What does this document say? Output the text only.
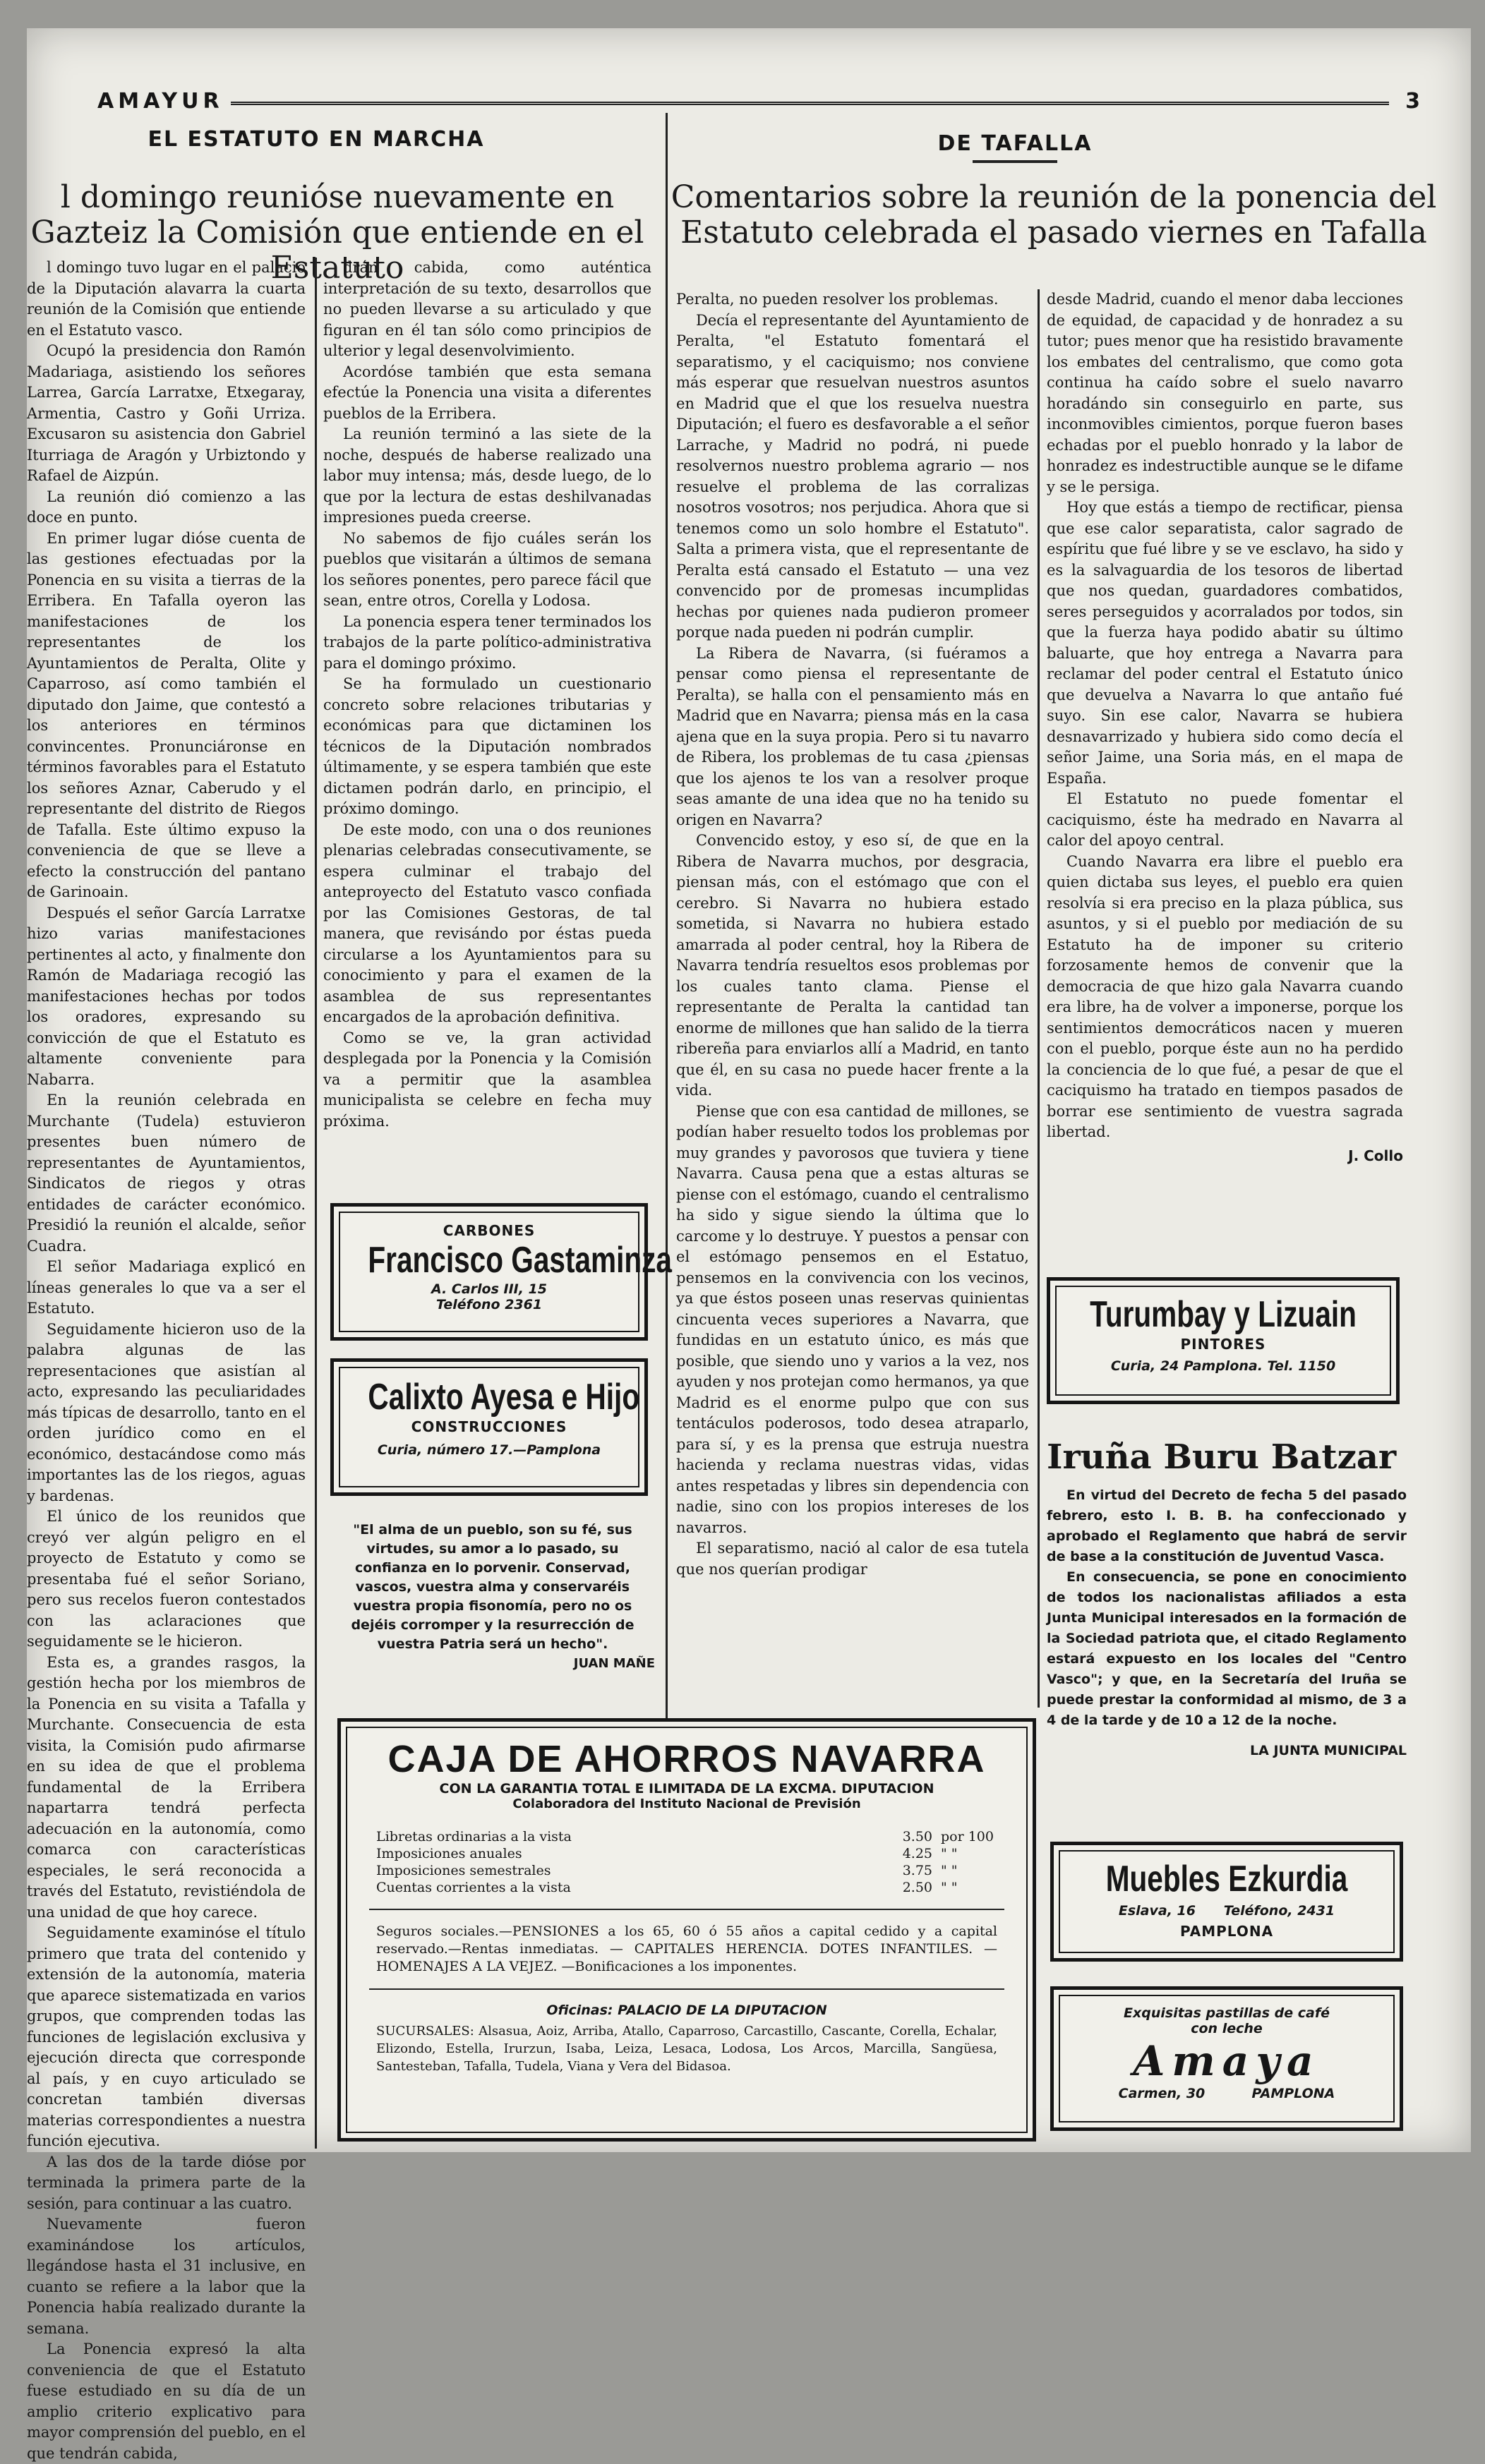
AMAYUR	3
EL ESTATUTO EN MARCHA	DE TAFALLA
l domingo reunióse nuevamente en Gazteiz la Comisión que entiende en el Estatuto

l domingo tuvo lugar en el palacio de la Diputación alavarra la cuarta reunión de la Comisión que entiende en el Estatuto vasco.

Ocupó la presidencia don Ramón Madariaga, asistiendo los señores Larrea, García Larratxe, Etxegaray, Armentia, Castro y Goñi Urriza. Excusaron su asistencia don Gabriel Iturriaga de Aragón y Urbiztondo y Rafael de Aizpún.

La reunión dió comienzo a las doce en punto.

En primer lugar dióse cuenta de las gestiones efectuadas por la Ponencia en su visita a tierras de la Erribera. En Tafalla oyeron las manifestaciones de los representantes de los Ayuntamientos de Peralta, Olite y Caparroso, así como también el diputado don Jaime, que contestó a los anteriores en términos convincentes. Pronunciáronse en términos favorables para el Estatuto los señores Aznar, Caberudo y el representante del distrito de Riegos de Tafalla. Este último expuso la conveniencia de que se lleve a efecto la construcción del pantano de Garinoain.

Después el señor García Larratxe hizo varias manifestaciones pertinentes al acto, y finalmente don Ramón de Madariaga recogió las manifestaciones hechas por todos los oradores, expresando su convicción de que el Estatuto es altamente conveniente para Nabarra.

En la reunión celebrada en Murchante (Tudela) estuvieron presentes buen número de representantes de Ayuntamientos, Sindicatos de riegos y otras entidades de carácter económico. Presidió la reunión el alcalde, señor Cuadra.

El señor Madariaga explicó en líneas generales lo que va a ser el Estatuto.

Seguidamente hicieron uso de la palabra algunas de las representaciones que asistían al acto, expresando las peculiaridades más típicas de desarrollo, tanto en el orden jurídico como en el económico, destacándose como más importantes las de los riegos, aguas y bardenas.

El único de los reunidos que creyó ver algún peligro en el proyecto de Estatuto y como se presentaba fué el señor Soriano, pero sus recelos fueron contestados con las aclaraciones que seguidamente se le hicieron.

Esta es, a grandes rasgos, la gestión hecha por los miembros de la Ponencia en su visita a Tafalla y Murchante. Consecuencia de esta visita, la Comisión pudo afirmarse en su idea de que el problema fundamental de la Erribera napartarra tendrá perfecta adecuación en la autonomía, como comarca con características especiales, le será reconocida a través del Estatuto, revistiéndola de una unidad de que hoy carece.

Seguidamente examinóse el título primero que trata del contenido y extensión de la autonomía, materia que aparece sistematizada en varios grupos, que comprenden todas las funciones de legislación exclusiva y ejecución directa que corresponde al país, y en cuyo articulado se concretan también diversas materias correspondientes a nuestra función ejecutiva.

A las dos de la tarde dióse por terminada la primera parte de la sesión, para continuar a las cuatro.

Nuevamente fueron examinándose los artículos, llegándose hasta el 31 inclusive, en cuanto se refiere a la labor que la Ponencia había realizado durante la semana.

La Ponencia expresó la alta conveniencia de que el Estatuto fuese estudiado en su día de un amplio criterio explicativo para mayor comprensión del pueblo, en el que tendrán cabida,

drán cabida, como auténtica interpretación de su texto, desarrollos que no pueden llevarse a su articulado y que figuran en él tan sólo como principios de ulterior y legal desenvolvimiento.

Acordóse también que esta semana efectúe la Ponencia una visita a diferentes pueblos de la Erribera.

La reunión terminó a las siete de la noche, después de haberse realizado una labor muy intensa; más, desde luego, de lo que por la lectura de estas deshilvanadas impresiones pueda creerse.

No sabemos de fijo cuáles serán los pueblos que visitarán a últimos de semana los señores ponentes, pero parece fácil que sean, entre otros, Corella y Lodosa.

La ponencia espera tener terminados los trabajos de la parte político-administrativa para el domingo próximo.

Se ha formulado un cuestionario concreto sobre relaciones tributarias y económicas para que dictaminen los técnicos de la Diputación nombrados últimamente, y se espera también que este dictamen podrán darlo, en principio, el próximo domingo.

De este modo, con una o dos reuniones plenarias celebradas consecutivamente, se espera culminar el trabajo del anteproyecto del Estatuto vasco confiada por las Comisiones Gestoras, de tal manera, que revisándo por éstas pueda circularse a los Ayuntamientos para su conocimiento y para el examen de la asamblea de sus representantes encargados de la aprobación definitiva.

Como se ve, la gran actividad desplegada por la Ponencia y la Comisión va a permitir que la asamblea municipalista se celebre en fecha muy próxima.

CARBONES
Francisco Gastaminza
A. Carlos III, 15
Teléfono 2361
Calixto Ayesa e Hijo
CONSTRUCCIONES
Curia, número 17.—Pamplona
"El alma de un pueblo, son su fé, sus virtudes, su amor a lo pasado, su confianza en lo porvenir. Conservad, vascos, vuestra alma y conservaréis vuestra propia fisonomía, pero no os dejéis corromper y la resurrección de vuestra Patria será un hecho".
JUAN MAÑE
Comentarios sobre la reunión de la ponencia del Estatuto celebrada el pasado viernes en Tafalla

Peralta, no pueden resolver los problemas.

Decía el representante del Ayuntamiento de Peralta, "el Estatuto fomentará el separatismo, y el caciquismo; nos conviene más esperar que resuelvan nuestros asuntos en Madrid que el que los resuelva nuestra Diputación; el fuero es desfavorable a el señor Larrache, y Madrid no podrá, ni puede resolvernos nuestro problema agrario — nos resuelve el problema de las corralizas nosotros vosotros; nos perjudica. Ahora que si tenemos como un solo hombre el Estatuto". Salta a primera vista, que el representante de Peralta está cansado el Estatuto — una vez convencido por de promesas incumplidas hechas por quienes nada pudieron promeer porque nada pueden ni podrán cumplir.

La Ribera de Navarra, (si fuéramos a pensar como piensa el representante de Peralta), se halla con el pensamiento más en Madrid que en Navarra; piensa más en la casa ajena que en la suya propia. Pero si tu navarro de Ribera, los problemas de tu casa ¿piensas que los ajenos te los van a resolver proque seas amante de una idea que no ha tenido su origen en Navarra?

Convencido estoy, y eso sí, de que en la Ribera de Navarra muchos, por desgracia, piensan más, con el estómago que con el cerebro. Si Navarra no hubiera estado sometida, si Navarra no hubiera estado amarrada al poder central, hoy la Ribera de Navarra tendría resueltos esos problemas por los cuales tanto clama. Piense el representante de Peralta la cantidad tan enorme de millones que han salido de la tierra ribereña para enviarlos allí a Madrid, en tanto que él, en su casa no puede hacer frente a la vida.

Piense que con esa cantidad de millones, se podían haber resuelto todos los problemas por muy grandes y pavorosos que tuviera y tiene Navarra. Causa pena que a estas alturas se piense con el estómago, cuando el centralismo ha sido y sigue siendo la última que lo carcome y lo destruye. Y puestos a pensar con el estómago pensemos en el Estatuo, pensemos en la convivencia con los vecinos, ya que éstos poseen unas reservas quinientas cincuenta veces superiores a Navarra, que fundidas en un estatuto único, es más que posible, que siendo uno y varios a la vez, nos ayuden y nos protejan como hermanos, ya que Madrid es el enorme pulpo que con sus tentáculos poderosos, todo desea atraparlo, para sí, y es la prensa que estruja nuestra hacienda y reclama nuestras vidas, vidas antes respetadas y libres sin dependencia con nadie, sino con los propios intereses de los navarros.

El separatismo, nació al calor de esa tutela que nos querían prodigar

desde Madrid, cuando el menor daba lecciones de equidad, de capacidad y de honradez a su tutor; pues menor que ha resistido bravamente los embates del centralismo, que como gota continua ha caído sobre el suelo navarro horadándo sin conseguirlo en parte, sus inconmovibles cimientos, porque fueron bases echadas por el pueblo honrado y la labor de honradez es indestructible aunque se le difame y se le persiga.

Hoy que estás a tiempo de rectificar, piensa que ese calor separatista, calor sagrado de espíritu que fué libre y se ve esclavo, ha sido y es la salvaguardia de los tesoros de libertad que nos quedan, guardadores combatidos, seres perseguidos y acorralados por todos, sin que la fuerza haya podido abatir su último baluarte, que hoy entrega a Navarra para reclamar del poder central el Estatuto único que devuelva a Navarra lo que antaño fué suyo. Sin ese calor, Navarra se hubiera desnavarrizado y hubiera sido como decía el señor Jaime, una Soria más, en el mapa de España.

El Estatuto no puede fomentar el caciquismo, éste ha medrado en Navarra al calor del apoyo central.

Cuando Navarra era libre el pueblo era quien dictaba sus leyes, el pueblo era quien resolvía si era preciso en la plaza pública, sus asuntos, y si el pueblo por mediación de su Estatuto ha de imponer su criterio forzosamente hemos de convenir que la democracia de que hizo gala Navarra cuando era libre, ha de volver a imponerse, porque los sentimientos democráticos nacen y mueren con el pueblo, porque éste aun no ha perdido la conciencia de lo que fué, a pesar de que el caciquismo ha tratado en tiempos pasados de borrar ese sentimiento de vuestra sagrada libertad.

J. Collo
Turumbay y Lizuain
PINTORES
Curia, 24 Pamplona. Tel. 1150
Iruña Buru Batzar

En virtud del Decreto de fecha 5 del pasado febrero, esto I. B. B. ha confeccionado y aprobado el Reglamento que habrá de servir de base a la constitución de Juventud Vasca.

En consecuencia, se pone en conocimiento de todos los nacionalistas afiliados a esta Junta Municipal interesados en la formación de la Sociedad patriota que, el citado Reglamento estará expuesto en los locales del "Centro Vasco"; y que, en la Secretaría del Iruña se puede prestar la conformidad al mismo, de 3 a 4 de la tarde y de 10 a 12 de la noche.

LA JUNTA MUNICIPAL
Muebles Ezkurdia
Eslava, 16 Teléfono, 2431
PAMPLONA
Exquisitas pastillas de café
con leche
Amaya
Carmen, 30	PAMPLONA
CAJA DE AHORROS NAVARRA
CON LA GARANTIA TOTAL E ILIMITADA DE LA EXCMA. DIPUTACION
Colaboradora del Instituto Nacional de Previsión
Libretas ordinarias a la vista	3.50	por 100
Imposiciones anuales	4.25	" "
Imposiciones semestrales	3.75	" "
Cuentas corrientes a la vista	2.50	" "
Seguros sociales.—PENSIONES a los 65, 60 ó 55 años a capital cedido y a capital reservado.—Rentas inmediatas. — CAPITALES HERENCIA. DOTES INFANTILES. — HOMENAJES A LA VEJEZ. —Bonificaciones a los imponentes.
Oficinas: PALACIO DE LA DIPUTACION
SUCURSALES: Alsasua, Aoiz, Arriba, Atallo, Caparroso, Carcastillo, Cascante, Corella, Echalar, Elizondo, Estella, Irurzun, Isaba, Leiza, Lesaca, Lodosa, Los Arcos, Marcilla, Sangüesa, Santesteban, Tafalla, Tudela, Viana y Vera del Bidasoa.
